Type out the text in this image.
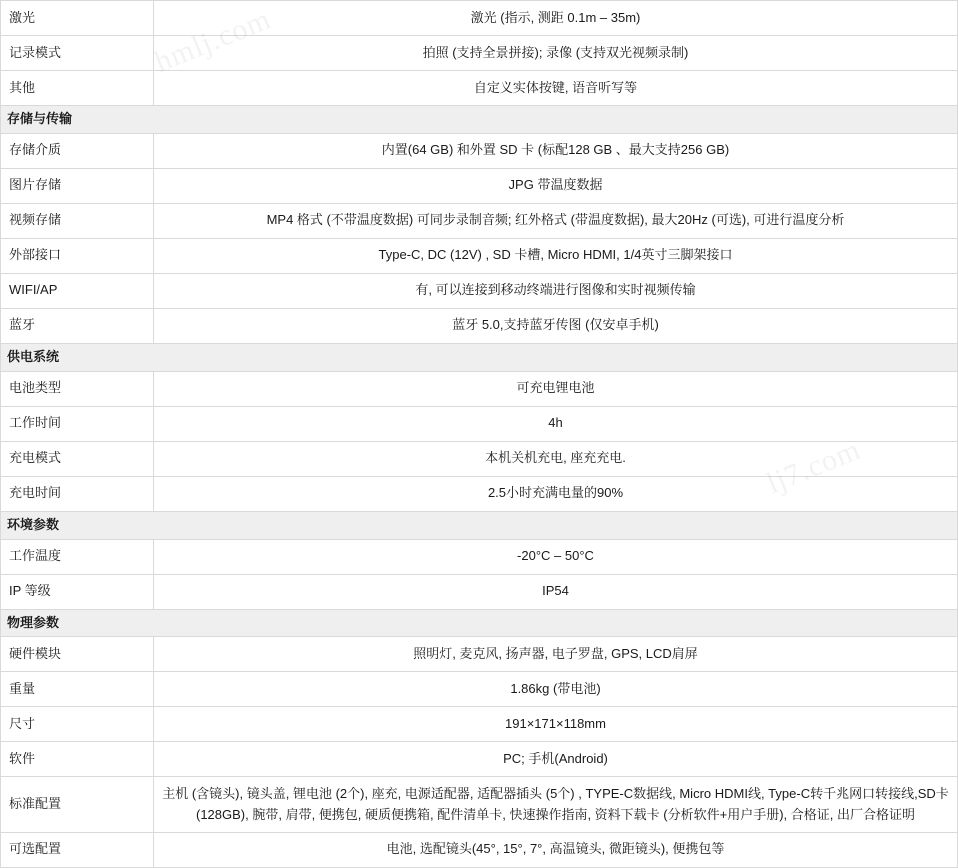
hmlj.com
lj7.com
激光	激光 (指示, 测距 0.1m – 35m)
记录模式	拍照 (支持全景拼接); 录像 (支持双光视频录制)
其他	自定义实体按键, 语音听写等
存储与传输	
存储介质	内置(64 GB) 和外置 SD 卡 (标配128 GB 、最大支持256 GB)
图片存储	JPG 带温度数据
视频存储	MP4 格式 (不带温度数据) 可同步录制音频; 红外格式 (带温度数据), 最大20Hz (可选), 可进行温度分析
外部接口	Type-C, DC (12V) , SD 卡槽, Micro HDMI, 1/4英寸三脚架接口
WIFI/AP	有, 可以连接到移动终端进行图像和实时视频传输
蓝牙	蓝牙 5.0,支持蓝牙传图 (仅安卓手机)
供电系统	
电池类型	可充电锂电池
工作时间	4h
充电模式	本机关机充电, 座充充电.
充电时间	2.5小时充满电量的90%
环境参数	
工作温度	-20°C – 50°C
IP 等级	IP54
物理参数	
硬件模块	照明灯, 麦克风, 扬声器, 电子罗盘, GPS, LCD肩屏
重量	1.86kg (带电池)
尺寸	191×171×118mm
软件	PC; 手机(Android)
标准配置	主机 (含镜头), 镜头盖, 锂电池 (2个), 座充, 电源适配器, 适配器插头 (5个) , TYPE-C数据线, Micro HDMI线, Type-C转千兆网口转接线,SD卡 (128GB), 腕带, 肩带, 便携包, 硬质便携箱, 配件清单卡, 快速操作指南, 资料下载卡 (分析软件+用户手册), 合格证, 出厂合格证明
可选配置	电池, 选配镜头(45°, 15°, 7°, 高温镜头, 微距镜头), 便携包等
